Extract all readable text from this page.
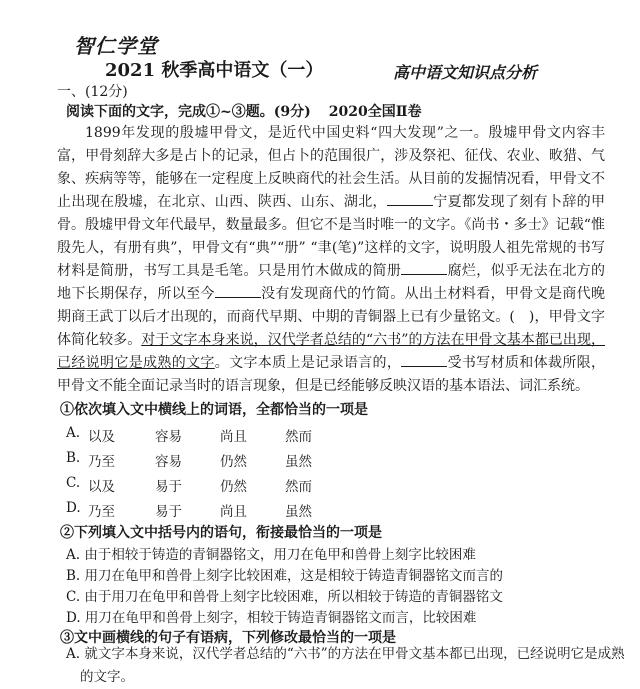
智仁学堂
2021 秋季高中语文（一）	高中语文知识点分析
一、(12分)
阅读下面的文字，完成①~③题。(9分) 2020全国Ⅱ卷

1899年发现的殷墟甲骨文，是近代中国史料“四大发现”之一。殷墟甲骨文内容丰富，甲骨刻辞大多是占卜的记录，但占卜的范围很广，涉及祭祀、征伐、农业、畋猎、气象、疾病等等，能够在一定程度上反映商代的社会生活。从目前的发掘情况看，甲骨文不止出现在殷墟，在北京、山西、陕西、山东、湖北，	宁夏都发现了刻有卜辞的甲骨。殷墟甲骨文年代最早，数量最多。但它不是当时唯一的文字。《尚书・多士》记载“惟殷先人，有册有典”，甲骨文有“典”“册” “聿(笔)”这样的文字，说明殷人祖先常规的书写材料是简册，书写工具是毛笔。只是用竹木做成的简册	腐烂，似乎无法在北方的地下长期保存，所以至今	没有发现商代的竹简。从出土材料看，甲骨文是商代晚期商王武丁以后才出现的，而商代早期、中期的青铜器上已有少量铭文。( )，甲骨文字体简化较多。对于文字本身来说，汉代学者总结的“六书”的方法在甲骨文基本都已出现，已经说明它是成熟的文字。文字本质上是记录语言的，	受书写材质和体裁所限，甲骨文不能全面记录当时的语言现象，但是已经能够反映汉语的基本语法、词汇系统。

①依次填入文中横线上的词语，全都恰当的一项是
A. 以及	容易	尚且	然而
B. 乃至	容易	仍然	虽然
C. 以及	易于	仍然	然而
D. 乃至	易于	尚且	虽然
②下列填入文中括号内的语句，衔接最恰当的一项是
A. 由于相较于铸造的青铜器铭文，用刀在龟甲和兽骨上刻字比较困难
B. 用刀在龟甲和兽骨上刻字比较困难，这是相较于铸造青铜器铭文而言的
C. 由于用刀在龟甲和兽骨上刻字比较困难，所以相较于铸造的青铜器铭文
D. 用刀在龟甲和兽骨上刻字，相较于铸造青铜器铭文而言，比较困难
③文中画横线的句子有语病，下列修改最恰当的一项是
A. 就文字本身来说，汉代学者总结的“六书”的方法在甲骨文基本都已出现，已经说明它是成熟的文字。
